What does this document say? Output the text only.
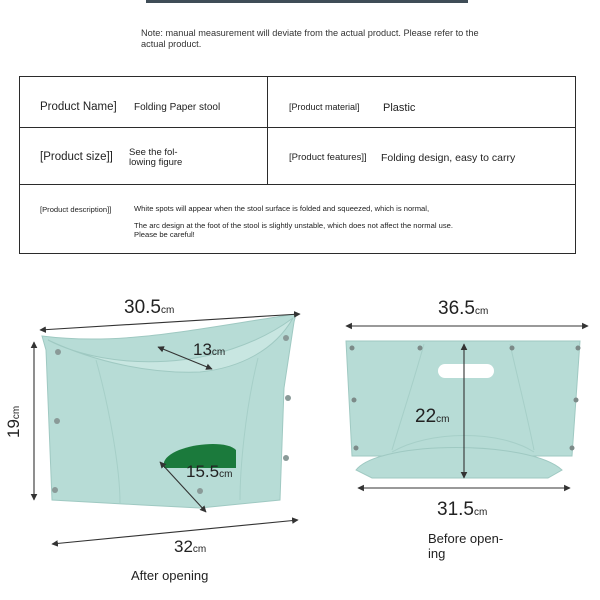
Note: manual measurement will deviate from the actual product. Please refer to the actual product.
Product Name] Folding Paper stool	[Product material] Plastic
[Product size]] See the fol-
lowing figure	[Product features]] Folding design, easy to carry
[Product description]]	White spots will appear when the stool surface is folded and squeezed, which is normal,
The arc design at the foot of the stool is slightly unstable, which does not affect the normal use.
Please be careful!
30.5cm
13cm
19cm
15.5cm
32cm
After opening
36.5cm
22cm
31.5cm
Before open-
ing
